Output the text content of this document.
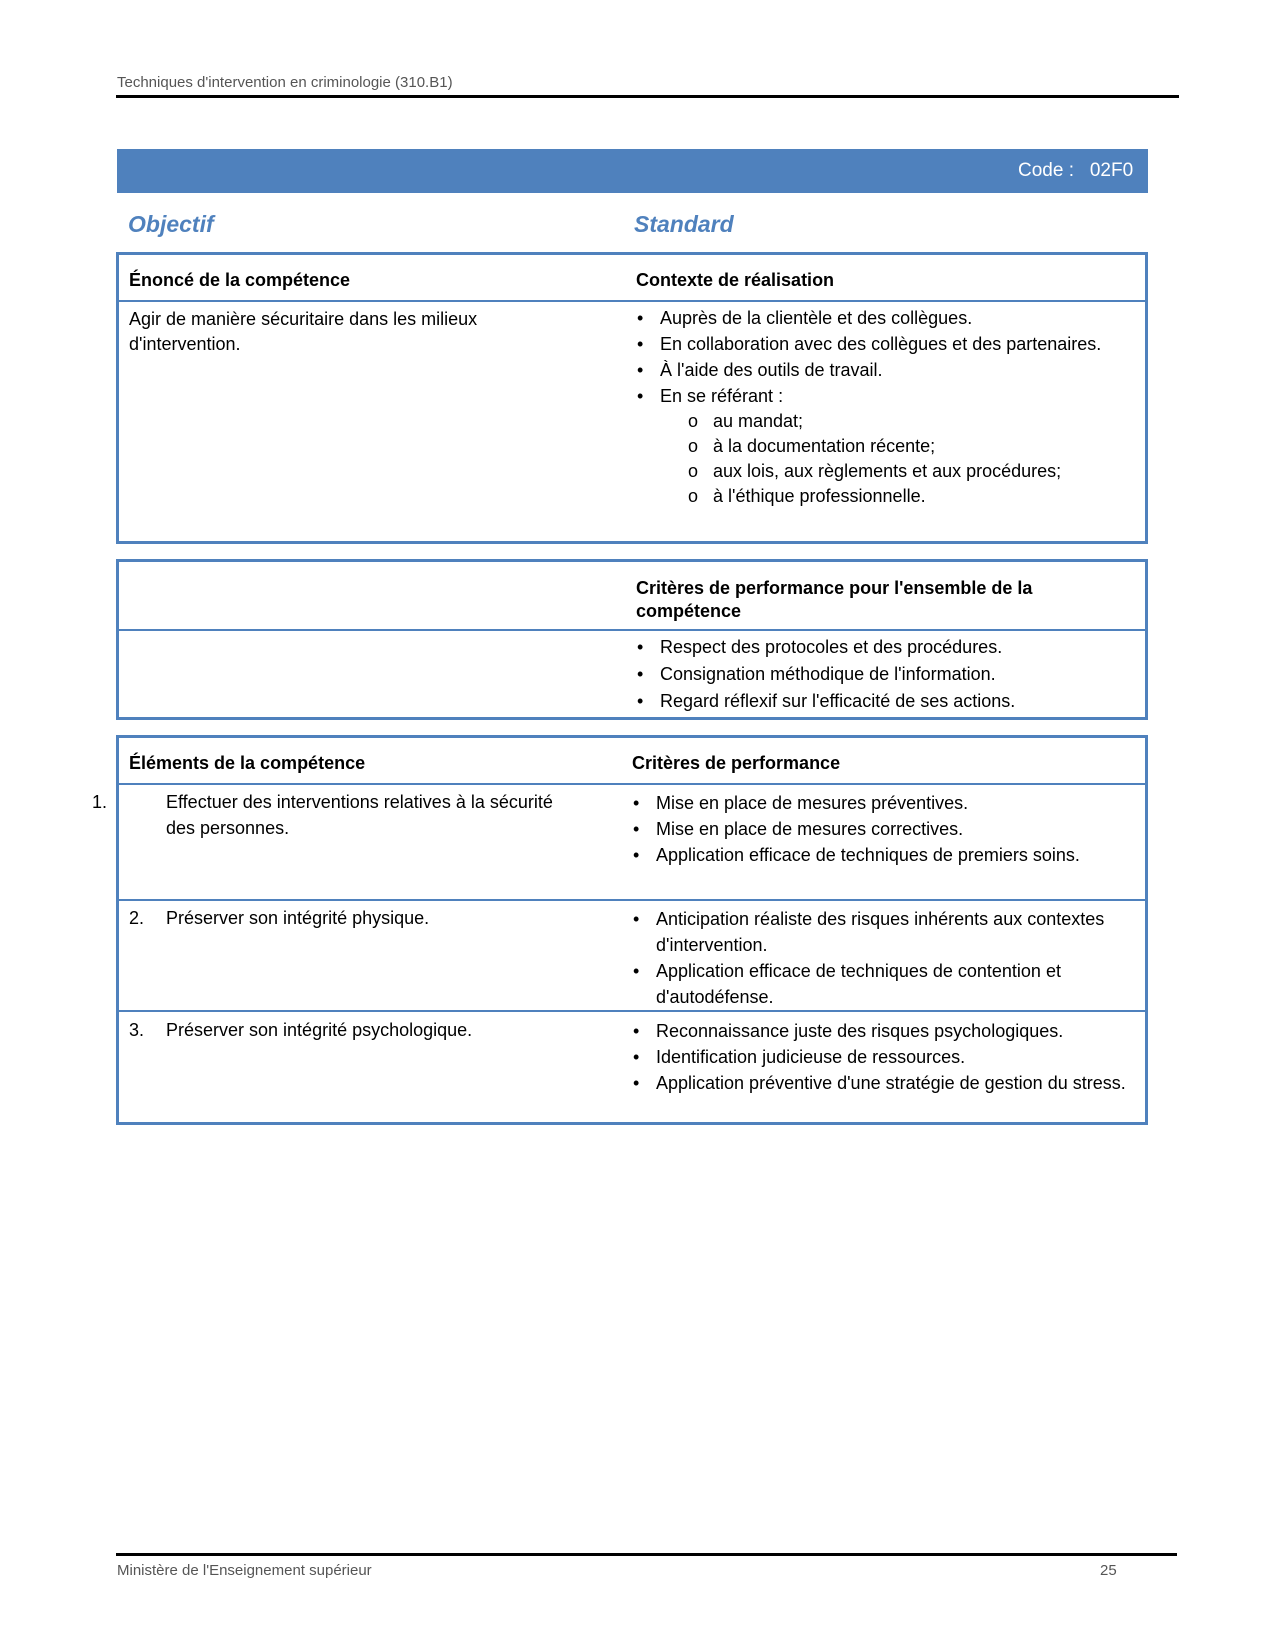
Techniques d'intervention en criminologie (310.B1)
Code : 02F0
Objectif	Standard
Énoncé de la compétence	Contexte de réalisation
Agir de manière sécuritaire dans les milieux d'intervention.
• Auprès de la clientèle et des collègues.
• En collaboration avec des collègues et des partenaires.
• À l'aide des outils de travail.
• En se référant :
o au mandat;
o à la documentation récente;
o aux lois, aux règlements et aux procédures;
o à l'éthique professionnelle.
Critères de performance pour l'ensemble de la compétence
• Respect des protocoles et des procédures.
• Consignation méthodique de l'information.
• Regard réflexif sur l'efficacité de ses actions.
Éléments de la compétence	Critères de performance
1.	Effectuer des interventions relatives à la sécurité des personnes.
• Mise en place de mesures préventives.
• Mise en place de mesures correctives.
• Application efficace de techniques de premiers soins.
2. Préserver son intégrité physique.	• Anticipation réaliste des risques inhérents aux contextes d'intervention.
• Application efficace de techniques de contention et d'autodéfense.
3. Préserver son intégrité psychologique.	• Reconnaissance juste des risques psychologiques.
• Identification judicieuse de ressources.
• Application préventive d'une stratégie de gestion du stress.
Ministère de l'Enseignement supérieur	25
